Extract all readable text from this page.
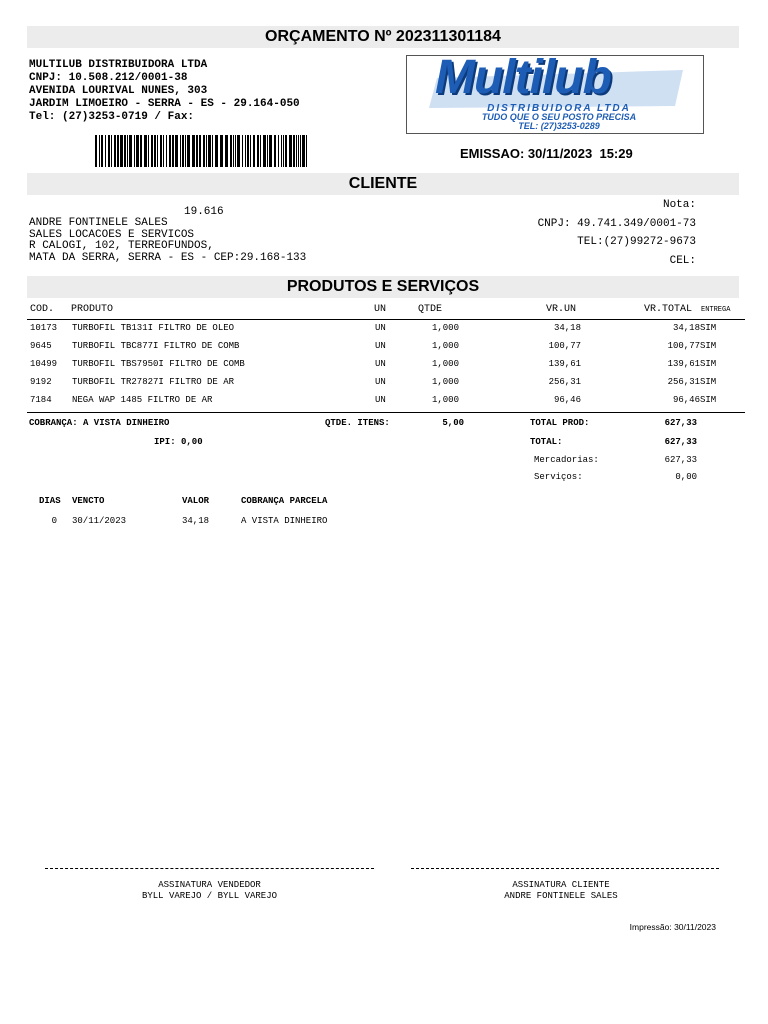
ORÇAMENTO Nº 202311301184
MULTILUB DISTRIBUIDORA LTDA
CNPJ: 10.508.212/0001-38
AVENIDA LOURIVAL NUNES, 303
JARDIM LIMOEIRO - SERRA - ES - 29.164-050
Tel: (27)3253-0719 / Fax:
Multilub
DISTRIBUIDORA LTDA
TUDO QUE O SEU POSTO PRECISA
TEL: (27)3253-0289
EMISSAO: 30/11/2023  15:29
CLIENTE
19.616
ANDRE FONTINELE SALES
SALES LOCACOES E SERVICOS
R CALOGI, 102, TERREOFUNDOS,
MATA DA SERRA, SERRA - ES - CEP:29.168-133
Nota:
CNPJ: 49.741.349/0001-73
TEL:(27)99272-9673
CEL:
PRODUTOS E SERVIÇOS
COD. PRODUTO	UN	QTDE	VR.UN	VR.TOTAL ENTREGA
10173 TURBOFIL TB131I FILTRO DE OLEO	UN	1,000	34,18	34,18 SIM
9645 TURBOFIL TBC877I FILTRO DE COMB	UN	1,000	100,77	100,77 SIM
10499 TURBOFIL TBS7950I FILTRO DE COMB	UN	1,000	139,61	139,61 SIM
9192 TURBOFIL TR27827I FILTRO DE AR	UN	1,000	256,31	256,31 SIM
7184 NEGA WAP 1485 FILTRO DE AR	UN	1,000	96,46	96,46 SIM
COBRANÇA: A VISTA DINHEIRO	QTDE. ITENS:	5,00	TOTAL PROD:	627,33
IPI: 0,00	TOTAL:	627,33
Mercadorias:	627,33
Serviços:	0,00
DIAS VENCTO	VALOR	COBRANÇA PARCELA
0 30/11/2023	34,18	A VISTA DINHEIRO
ASSINATURA VENDEDOR
BYLL VAREJO / BYLL VAREJO
ASSINATURA CLIENTE
ANDRE FONTINELE SALES
Impressão: 30/11/2023
